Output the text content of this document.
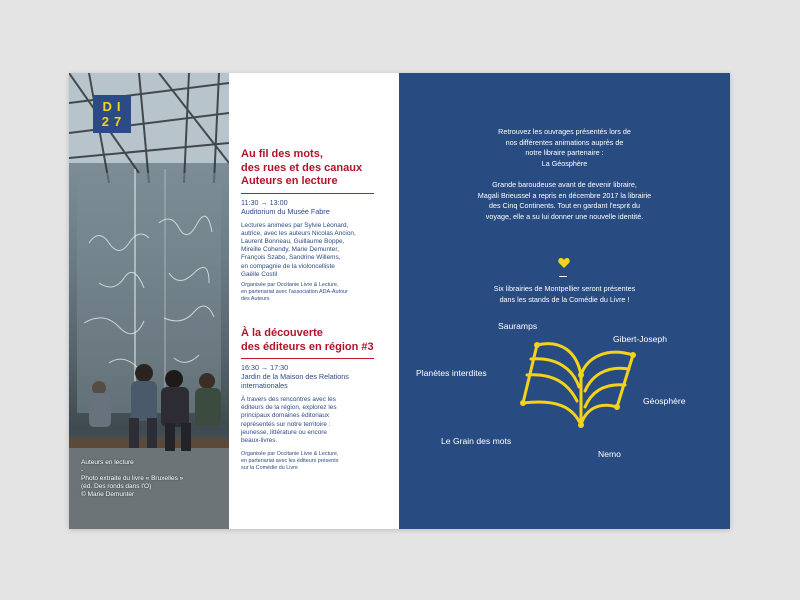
DI
27
Auteurs en lecture
-
Photo extraite du livre « Bruxelles »
(éd. Des ronds dans l'O)
© Marie Demunter
Au fil des mots,
des rues et des canaux
Auteurs en lecture
11:30 → 13:00
Auditorium du Musée Fabre
Lectures animées par Sylvie Léonard,
autrice, avec les auteurs Nicolas Ancion,
Laurent Bonneau, Guillaume Boppe,
Mireille Cohendy, Marie Demunter,
François Szabo, Sandrine Willems,
en compagnie de la violoncelliste
Gaëlle Costil
Organisée par Occitanie Livre & Lecture,
en partenariat avec l'association ADA-Autour
des Auteurs
À la découverte
des éditeurs en région #3
16:30 → 17:30
Jardin de la Maison des Relations
internationales
À travers des rencontres avec les
éditeurs de la région, explorez les
principaux domaines éditoriaux
représentés sur notre territoire :
jeunesse, littérature ou encore
beaux-livres.
Organisée par Occitanie Livre & Lecture,
en partenariat avec les éditeurs présents
sur la Comédie du Livre
Retrouvez les ouvrages présentés lors de
nos différentes animations auprès de
notre libraire partenaire :
La Géosphère
Grande baroudeuse avant de devenir libraire,
Magali Brieussel a repris en décembre 2017 la librairie
des Cinq Continents. Tout en gardant l'esprit du
voyage, elle a su lui donner une nouvelle identité.
Six librairies de Montpellier seront présentes
dans les stands de la Comédie du Livre !
Sauramps
Gibert-Joseph
Planètes interdites
Géosphère
Le Grain des mots
Nemo
